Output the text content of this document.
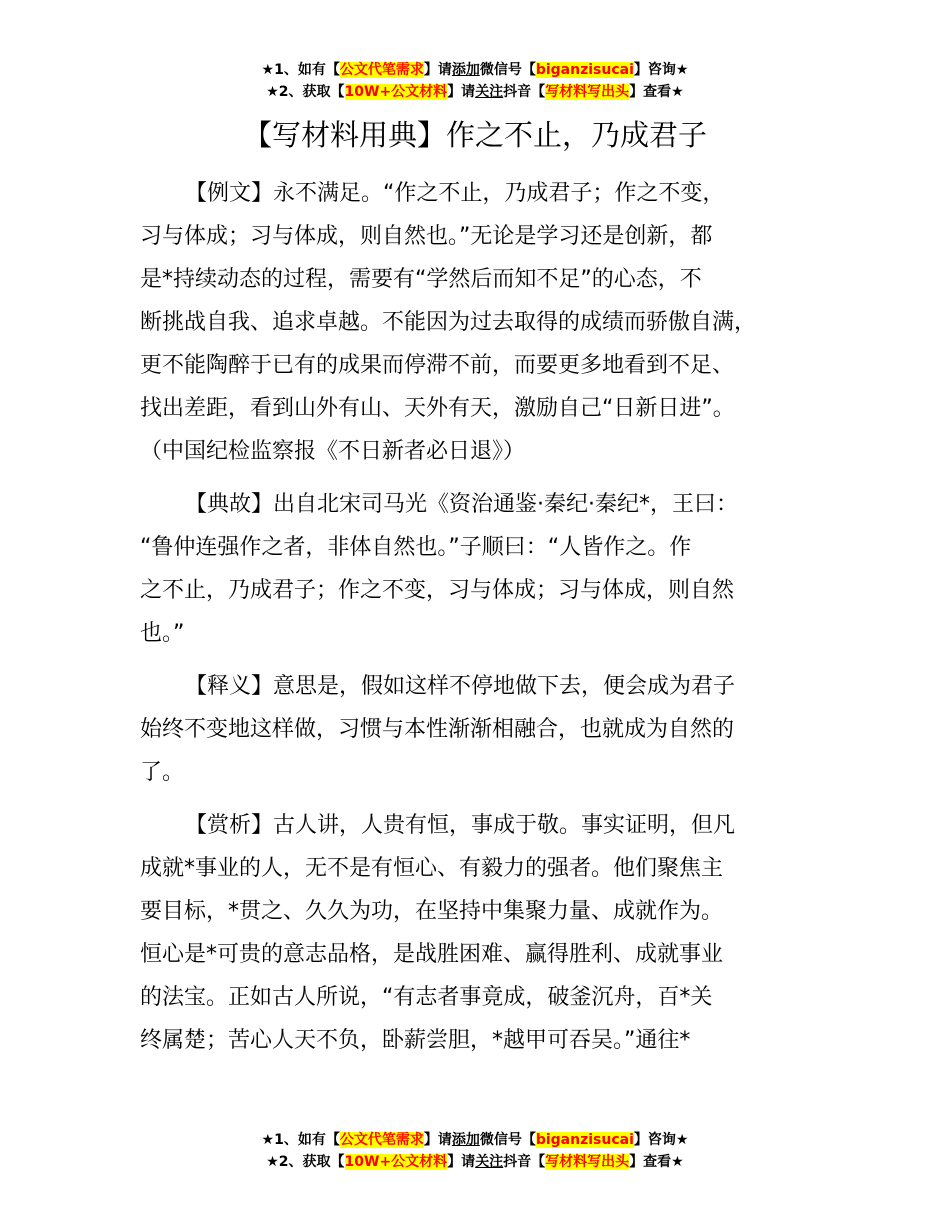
★1、如有【公文代笔需求】请添加微信号【biganzisucai】咨询★
★2、获取【10W+公文材料】请关注抖音【写材料写出头】查看★
【写材料用典】作之不止，乃成君子
【例文】永不满足。“作之不止，乃成君子；作之不变，
习与体成；习与体成，则自然也。”无论是学习还是创新，都
是*持续动态的过程，需要有“学然后而知不足”的心态，不
断挑战自我、追求卓越。不能因为过去取得的成绩而骄傲自满，
更不能陶醉于已有的成果而停滞不前，而要更多地看到不足、
找出差距，看到山外有山、天外有天，激励自己“日新日进”。
（中国纪检监察报《不日新者必日退》）
【典故】出自北宋司马光《资治通鉴·秦纪·秦纪*，王曰：
“鲁仲连强作之者，非体自然也。”子顺曰：“人皆作之。作
之不止，乃成君子；作之不变，习与体成；习与体成，则自然
也。”
【释义】意思是，假如这样不停地做下去，便会成为君子
始终不变地这样做，习惯与本性渐渐相融合，也就成为自然的
了。
【赏析】古人讲，人贵有恒，事成于敬。事实证明，但凡
成就*事业的人，无不是有恒心、有毅力的强者。他们聚焦主
要目标，*贯之、久久为功，在坚持中集聚力量、成就作为。
恒心是*可贵的意志品格，是战胜困难、赢得胜利、成就事业
的法宝。正如古人所说，“有志者事竟成，破釜沉舟，百*关
终属楚；苦心人天不负，卧薪尝胆，*越甲可吞吴。”通往*
★1、如有【公文代笔需求】请添加微信号【biganzisucai】咨询★
★2、获取【10W+公文材料】请关注抖音【写材料写出头】查看★
